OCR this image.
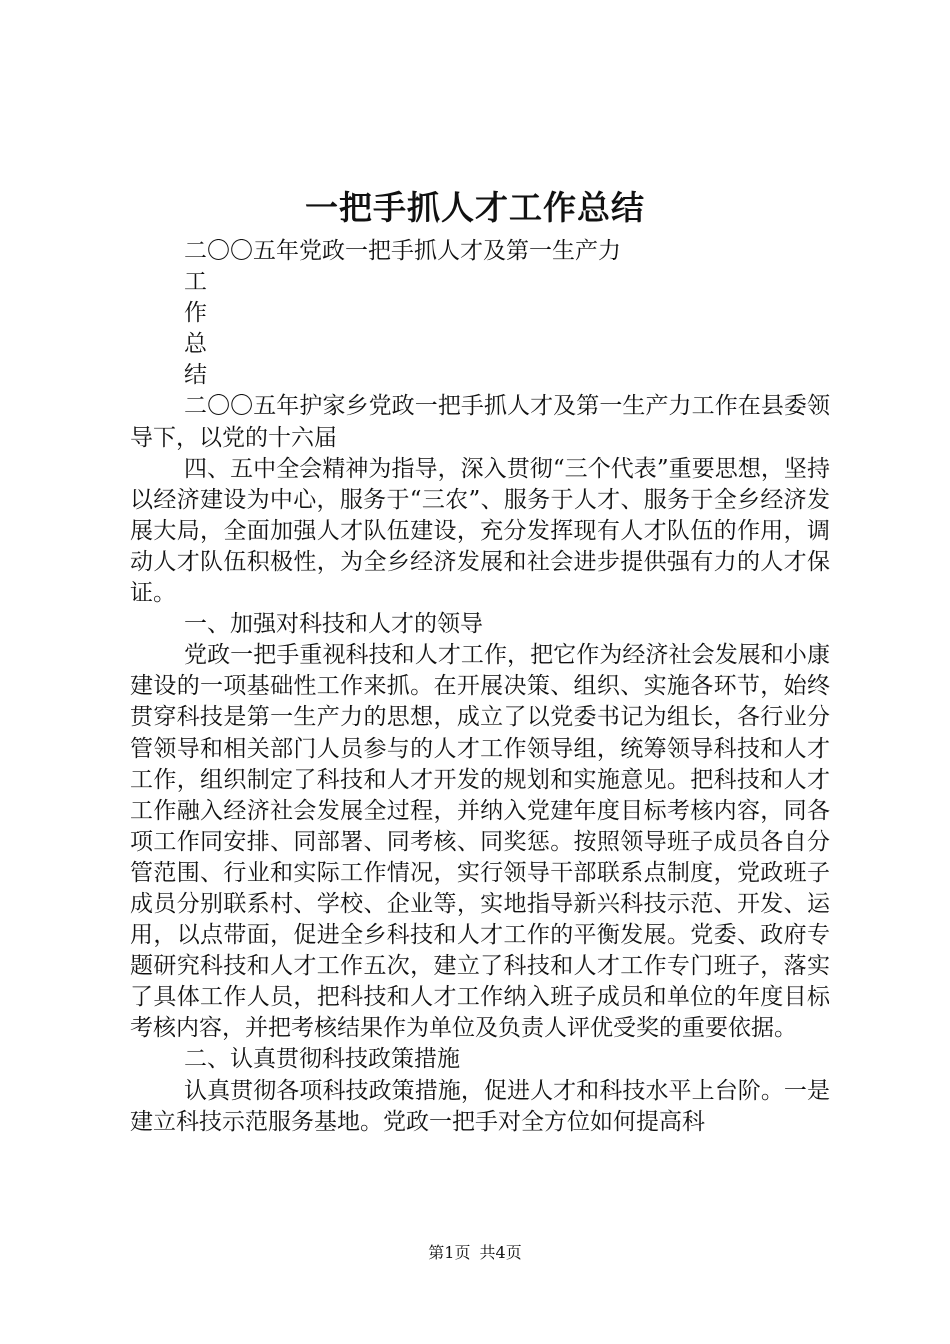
一把手抓人才工作总结

二〇〇五年党政一把手抓人才及第一生产力

工

作

总

结

二〇〇五年护家乡党政一把手抓人才及第一生产力工作在县委领导下，以党的十六届

四、五中全会精神为指导，深入贯彻“三个代表”重要思想，坚持以经济建设为中心，服务于“三农”、服务于人才、服务于全乡经济发展大局，全面加强人才队伍建设，充分发挥现有人才队伍的作用，调动人才队伍积极性，为全乡经济发展和社会进步提供强有力的人才保证。

一、加强对科技和人才的领导

党政一把手重视科技和人才工作，把它作为经济社会发展和小康建设的一项基础性工作来抓。在开展决策、组织、实施各环节，始终贯穿科技是第一生产力的思想，成立了以党委书记为组长，各行业分管领导和相关部门人员参与的人才工作领导组，统筹领导科技和人才工作，组织制定了科技和人才开发的规划和实施意见。把科技和人才工作融入经济社会发展全过程，并纳入党建年度目标考核内容，同各项工作同安排、同部署、同考核、同奖惩。按照领导班子成员各自分管范围、行业和实际工作情况，实行领导干部联系点制度，党政班子成员分别联系村、学校、企业等，实地指导新兴科技示范、开发、运用，以点带面，促进全乡科技和人才工作的平衡发展。党委、政府专题研究科技和人才工作五次，建立了科技和人才工作专门班子，落实了具体工作人员，把科技和人才工作纳入班子成员和单位的年度目标考核内容，并把考核结果作为单位及负责人评优受奖的重要依据。

二、认真贯彻科技政策措施

认真贯彻各项科技政策措施，促进人才和科技水平上台阶。一是建立科技示范服务基地。党政一把手对全方位如何提高科

第1页 共4页
